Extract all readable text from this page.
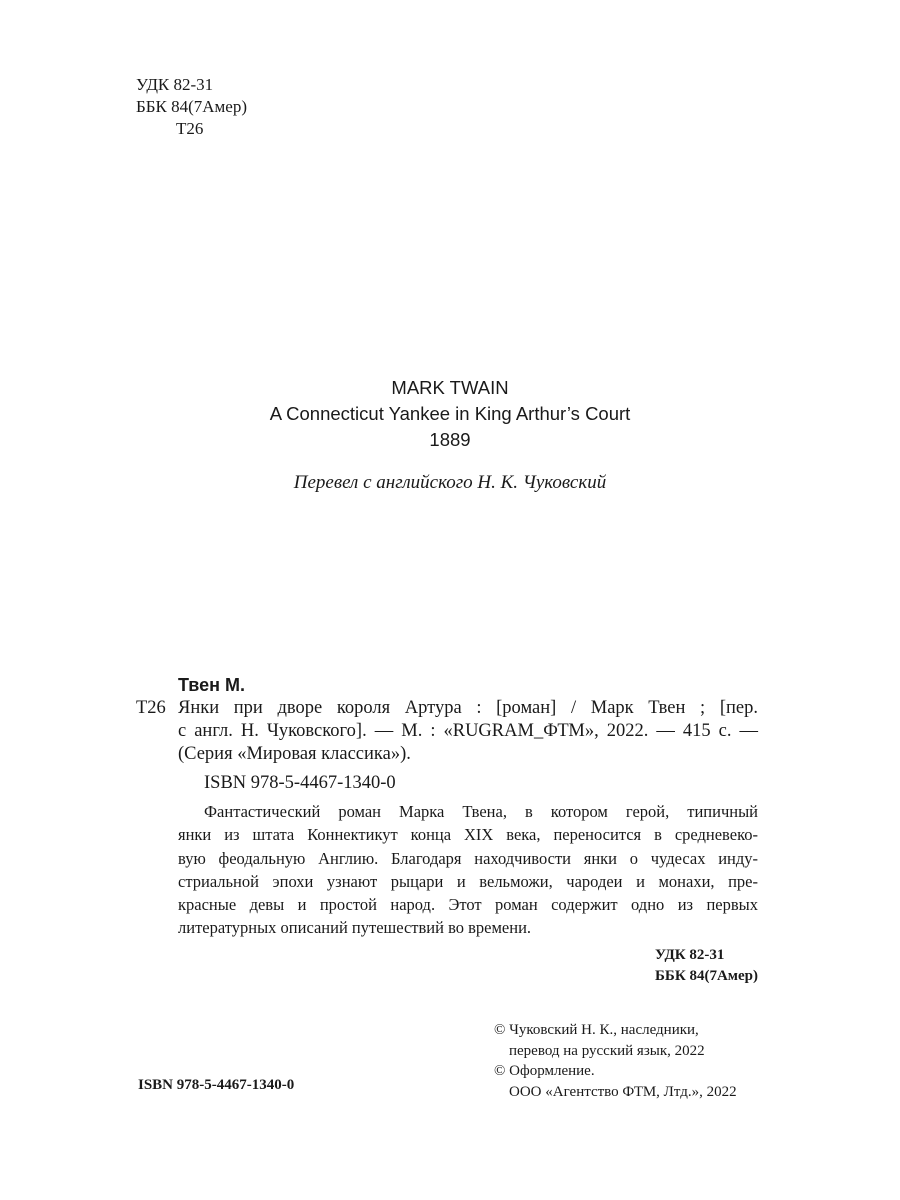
УДК 82-31
ББК 84(7Амер)
Т26
MARK TWAIN
A Connecticut Yankee in King Arthur’s Court
1889
Перевел с английского Н. К. Чуковский
Твен М.
Т26 Янки при дворе короля Артура : [роман] / Марк Твен ; [пер.
с англ. Н. Чуковского]. — М. : «RUGRAM_ФТМ», 2022. — 415 с. —
(Серия «Мировая классика»).
ISBN 978-5-4467-1340-0
Фантастический роман Марка Твена, в котором герой, типичный
янки из штата Коннектикут конца XIX века, переносится в средневеко-
вую феодальную Англию. Благодаря находчивости янки о чудесах инду-
стриальной эпохи узнают рыцари и вельможи, чародеи и монахи, пре-
красные девы и простой народ. Этот роман содержит одно из первых
литературных описаний путешествий во времени.
УДК 82-31
ББК 84(7Амер)
© Чуковский Н. К., наследники,
перевод на русский язык, 2022
© Оформление.
ООО «Агентство ФТМ, Лтд.», 2022
ISBN 978-5-4467-1340-0
